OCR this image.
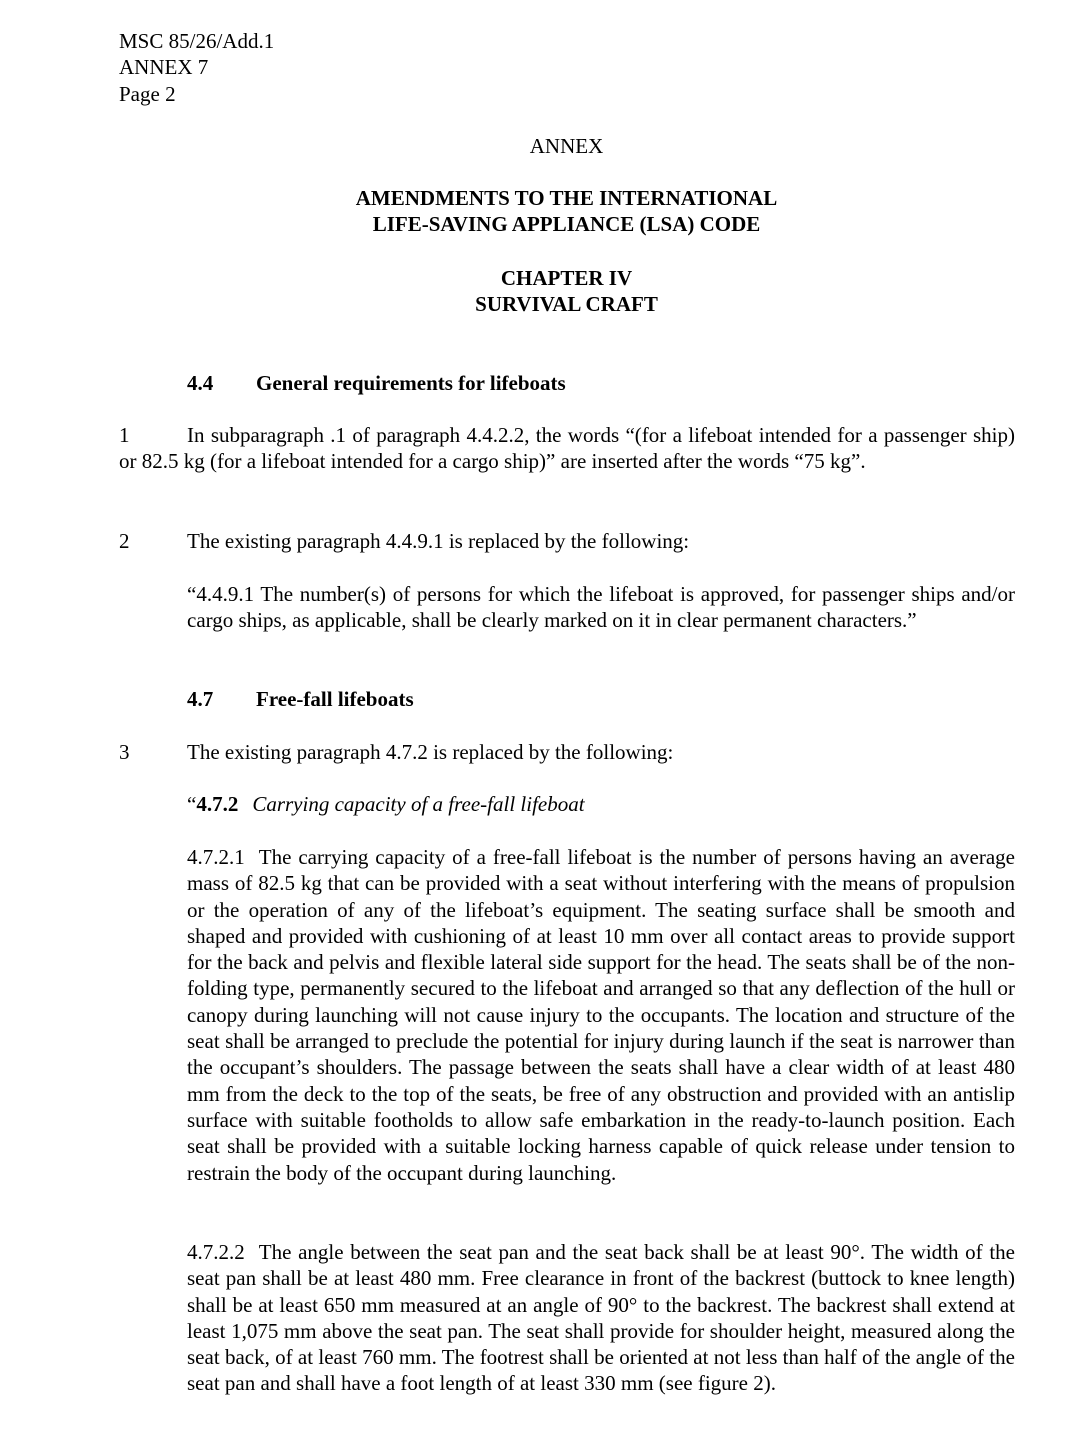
MSC 85/26/Add.1
ANNEX 7
Page 2
ANNEX
AMENDMENTS TO THE INTERNATIONAL
LIFE-SAVING APPLIANCE (LSA) CODE
CHAPTER IV
SURVIVAL CRAFT
4.4 General requirements for lifeboats
1	In subparagraph .1 of paragraph 4.4.2.2, the words “(for a lifeboat intended for a passenger ship) or 82.5 kg (for a lifeboat intended for a cargo ship)” are inserted after the words “75 kg”.
2	The existing paragraph 4.4.9.1 is replaced by the following:
“4.4.9.1 The number(s) of persons for which the lifeboat is approved, for passenger ships and/or cargo ships, as applicable, shall be clearly marked on it in clear permanent characters.”
4.7 Free-fall lifeboats
3	The existing paragraph 4.7.2 is replaced by the following:
“4.7.2 Carrying capacity of a free-fall lifeboat
4.7.2.1 The carrying capacity of a free-fall lifeboat is the number of persons having an average mass of 82.5 kg that can be provided with a seat without interfering with the means of propulsion or the operation of any of the lifeboat’s equipment. The seating surface shall be smooth and shaped and provided with cushioning of at least 10 mm over all contact areas to provide support for the back and pelvis and flexible lateral side support for the head. The seats shall be of the non-folding type, permanently secured to the lifeboat and arranged so that any deflection of the hull or canopy during launching will not cause injury to the occupants. The location and structure of the seat shall be arranged to preclude the potential for injury during launch if the seat is narrower than the occupant’s shoulders. The passage between the seats shall have a clear width of at least 480 mm from the deck to the top of the seats, be free of any obstruction and provided with an antislip surface with suitable footholds to allow safe embarkation in the ready-to-launch position. Each seat shall be provided with a suitable locking harness capable of quick release under tension to restrain the body of the occupant during launching.
4.7.2.2 The angle between the seat pan and the seat back shall be at least 90°. The width of the seat pan shall be at least 480 mm. Free clearance in front of the backrest (buttock to knee length) shall be at least 650 mm measured at an angle of 90° to the backrest. The backrest shall extend at least 1,075 mm above the seat pan. The seat shall provide for shoulder height, measured along the seat back, of at least 760 mm. The footrest shall be oriented at not less than half of the angle of the seat pan and shall have a foot length of at least 330 mm (see figure 2).
